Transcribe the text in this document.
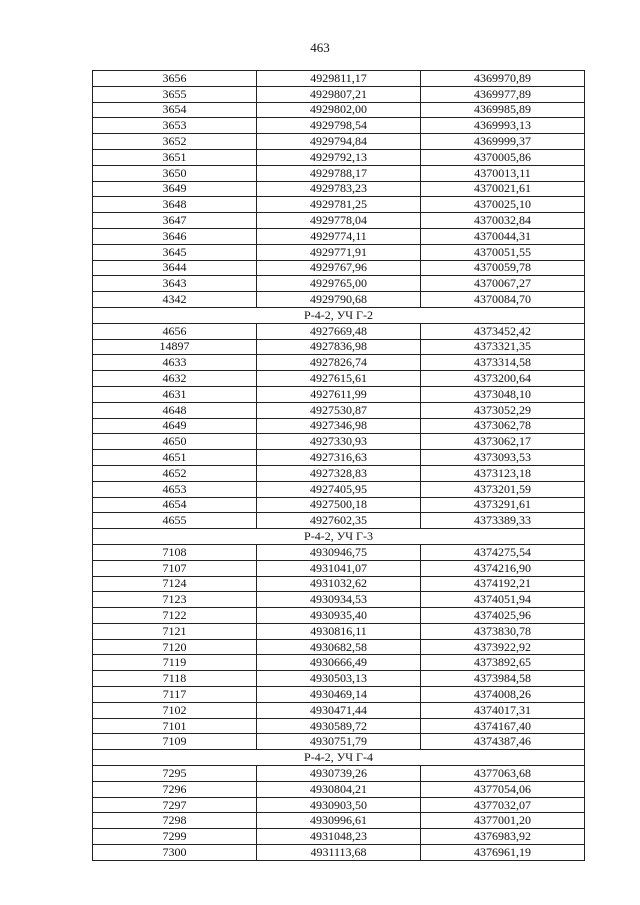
463
3656	4929811,17	4369970,89
3655	4929807,21	4369977,89
3654	4929802,00	4369985,89
3653	4929798,54	4369993,13
3652	4929794,84	4369999,37
3651	4929792,13	4370005,86
3650	4929788,17	4370013,11
3649	4929783,23	4370021,61
3648	4929781,25	4370025,10
3647	4929778,04	4370032,84
3646	4929774,11	4370044,31
3645	4929771,91	4370051,55
3644	4929767,96	4370059,78
3643	4929765,00	4370067,27
4342	4929790,68	4370084,70
Р-4-2, УЧ Г-2		
4656	4927669,48	4373452,42
14897	4927836,98	4373321,35
4633	4927826,74	4373314,58
4632	4927615,61	4373200,64
4631	4927611,99	4373048,10
4648	4927530,87	4373052,29
4649	4927346,98	4373062,78
4650	4927330,93	4373062,17
4651	4927316,63	4373093,53
4652	4927328,83	4373123,18
4653	4927405,95	4373201,59
4654	4927500,18	4373291,61
4655	4927602,35	4373389,33
Р-4-2, УЧ Г-3		
7108	4930946,75	4374275,54
7107	4931041,07	4374216,90
7124	4931032,62	4374192,21
7123	4930934,53	4374051,94
7122	4930935,40	4374025,96
7121	4930816,11	4373830,78
7120	4930682,58	4373922,92
7119	4930666,49	4373892,65
7118	4930503,13	4373984,58
7117	4930469,14	4374008,26
7102	4930471,44	4374017,31
7101	4930589,72	4374167,40
7109	4930751,79	4374387,46
Р-4-2, УЧ Г-4		
7295	4930739,26	4377063,68
7296	4930804,21	4377054,06
7297	4930903,50	4377032,07
7298	4930996,61	4377001,20
7299	4931048,23	4376983,92
7300	4931113,68	4376961,19
